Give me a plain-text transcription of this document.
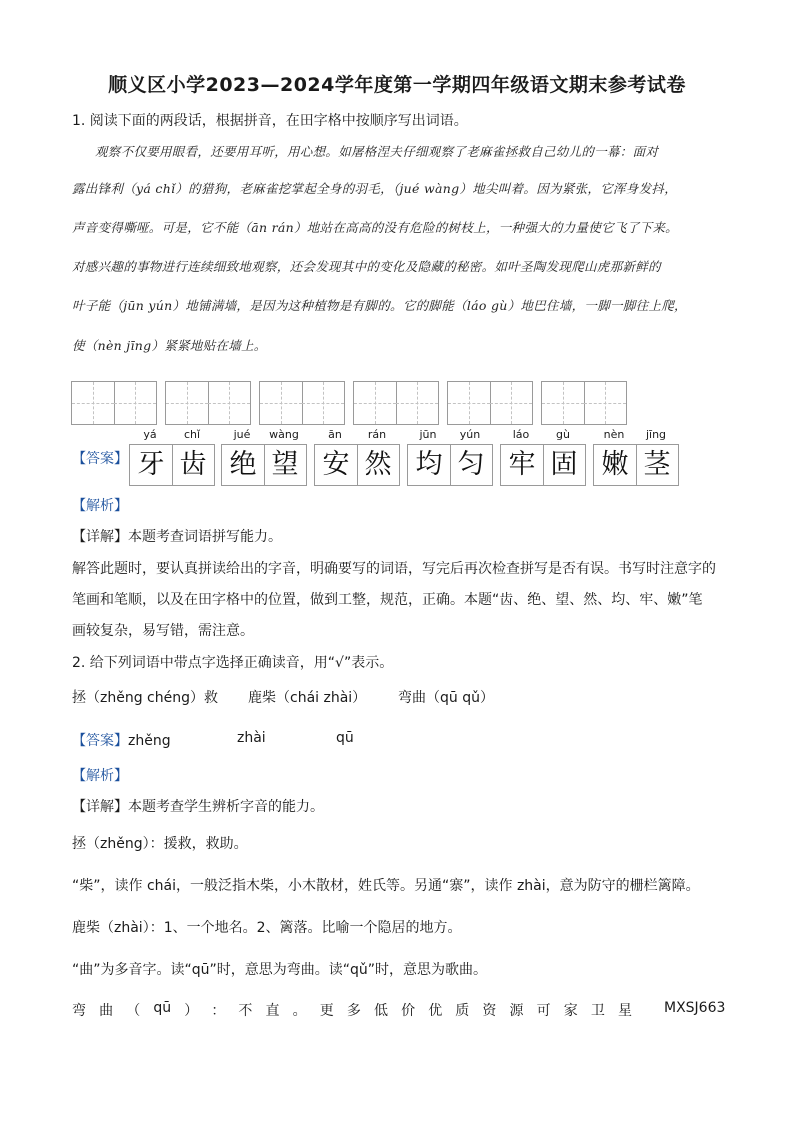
顺义区小学2023—2024学年度第一学期四年级语文期末参考试卷
1. 阅读下面的两段话，根据拼音，在田字格中按顺序写出词语。
观察不仅要用眼看，还要用耳听，用心想。如屠格涅夫仔细观察了老麻雀拯救自己幼儿的一幕：面对
露出锋利（yá chǐ）的猎狗，老麻雀挖掌起全身的羽毛，（jué wàng）地尖叫着。因为紧张，它浑身发抖，
声音变得嘶哑。可是，它不能（ān rán）地站在高高的没有危险的树枝上，一种强大的力量使它飞了下来。
对感兴趣的事物进行连续细致地观察，还会发现其中的变化及隐藏的秘密。如叶圣陶发现爬山虎那新鲜的
叶子能（jūn yún）地铺满墙，是因为这种植物是有脚的。它的脚能（láo gù）地巴住墙，一脚一脚往上爬，
使（nèn jīng）紧紧地贴在墙上。
yá	chǐ	jué	wàng	ān	rán	jūn	yún	láo	gù	nèn	jīng
【答案】 牙 齿 绝 望 安 然 均 匀 牢 固 嫩 茎
【解析】
【详解】本题考查词语拼写能力。
解答此题时，要认真拼读给出的字音，明确要写的词语，写完后再次检查拼写是否有误。书写时注意字的
笔画和笔顺，以及在田字格中的位置，做到工整，规范，正确。本题“齿、绝、望、然、均、牢、嫩”笔
画较复杂，易写错，需注意。
2. 给下列词语中带点字选择正确读音，用“√”表示。
拯（zhěng chéng）救 鹿柴（chái zhài） 弯曲（qū qǔ）
【答案】zhěng	zhài	qū
【解析】
【详解】本题考查学生辨析字音的能力。
拯（zhěng）：援救，救助。
“柴”，读作 chái，一般泛指木柴，小木散材，姓氏等。另通“寨”，读作 zhài，意为防守的栅栏篱障。
鹿柴（zhài）：1、一个地名。2、篱落。比喻一个隐居的地方。
“曲”为多音字。读“qū”时，意思为弯曲。读“qǔ”时，意思为歌曲。
弯 曲 （ qū ） ： 不 直 。 更 多 低 价 优 质 资 源 可 家 卫 星 MXSJ663
